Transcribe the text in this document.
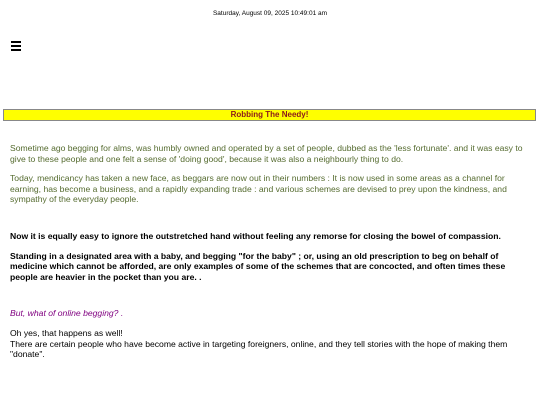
Saturday, August 09, 2025 10:49:01 am
Robbing The Needy!

Sometime ago begging for alms, was humbly owned and operated by a set of people, dubbed as the 'less fortunate'. and it was easy to give to these people and one felt a sense of 'doing good', because it was also a neighbourly thing to do.

Today, mendicancy has taken a new face, as beggars are now out in their numbers : It is now used in some areas as a channel for earning, has become a business, and a rapidly expanding trade : and various schemes are devised to prey upon the kindness, and sympathy of the everyday people.

Now it is equally easy to ignore the outstretched hand without feeling any remorse for closing the bowel of compassion.

Standing in a designated area with a baby, and begging "for the baby" ; or, using an old prescription to beg on behalf of medicine which cannot be afforded, are only examples of some of the schemes that are concocted, and often times these people are heavier in the pocket than you are. .

But, what of online begging? .

Oh yes, that happens as well!

There are certain people who have become active in targeting foreigners, online, and they tell stories with the hope of making them "donate".
